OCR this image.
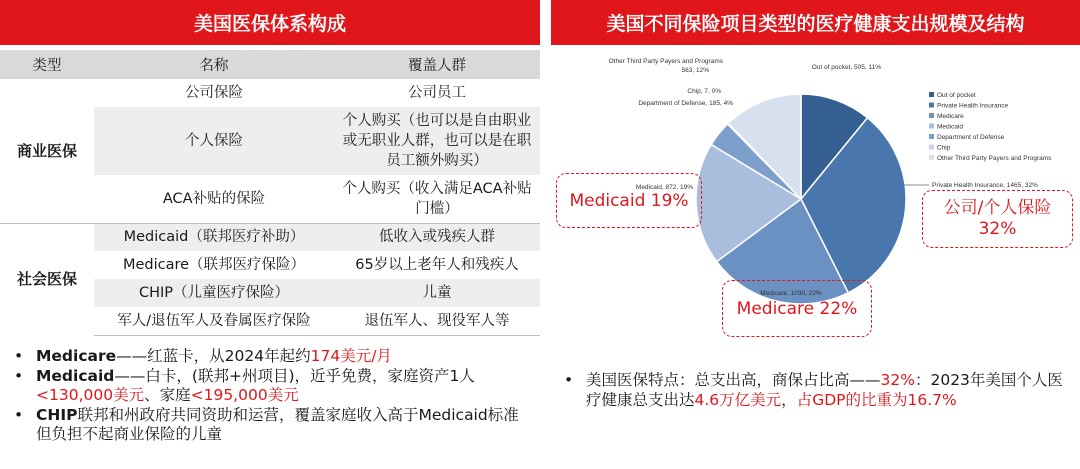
美国医保体系构成
类型	名称	覆盖人群
商业医保	公司保险	公司员工
	个人保险	个人购买（也可以是自由职业或无职业人群，也可以是在职员工额外购买）
	ACA补贴的保险	个人购买（收入满足ACA补贴门槛）
社会医保	Medicaid（联邦医疗补助）	低收入或残疾人群
	Medicare（联邦医疗保险）	65岁以上老年人和残疾人
	CHIP（儿童医疗保险）	儿童
	军人/退伍军人及眷属医疗保险	退伍军人、现役军人等
• Medicare——红蓝卡，从2024年起约174美元/月
• Medicaid——白卡，(联邦+州项目)，近乎免费，家庭资产1人<130,000美元、家庭<195,000美元
• CHIP联邦和州政府共同资助和运营，覆盖家庭收入高于Medicaid标准但负担不起商业保险的儿童
美国不同保险项目类型的医疗健康支出规模及结构
Out of pocket, 505, 11%
Private Health Insurance, 1465, 32%
Medicare, 1030, 22%
Medicaid, 872, 19%
Department of Defense, 185, 4%
Chip, 7, 0%
Other Third Party Payers and Programs 563, 12%
Out of pocket
Private Health Insurance
Medicare
Medicaid
Department of Defense
Chip
Other Third Party Payers and Programs
Medicaid 19%	公司/个人保险
32%
Medicare 22%
• 美国医保特点：总支出高，商保占比高——32%：2023年美国个人医疗健康总支出达4.6万亿美元，占GDP的比重为16.7%
